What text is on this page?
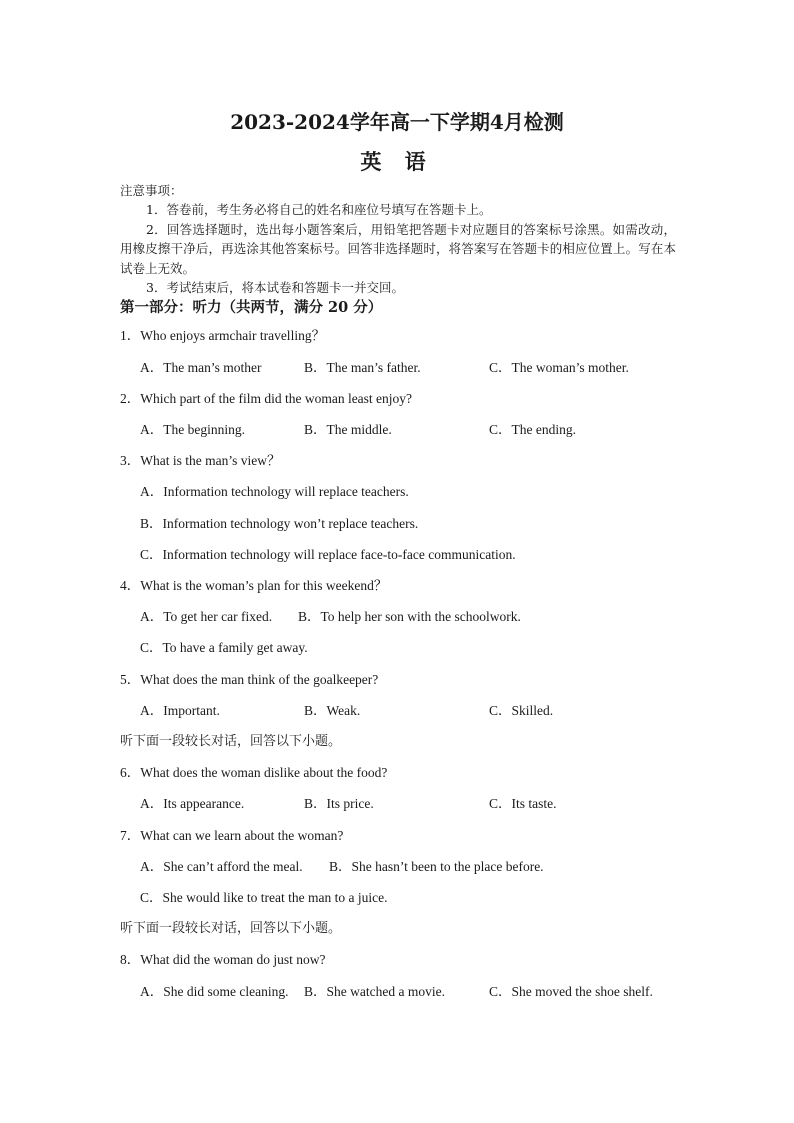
2023-2024学年高一下学期4月检测
英 语
注意事项：

1．答卷前，考生务必将自己的姓名和座位号填写在答题卡上。

2．回答选择题时，选出每小题答案后，用铅笔把答题卡对应题目的答案标号涂黑。如需改动，用橡皮擦干净后，再选涂其他答案标号。回答非选择题时，将答案写在答题卡的相应位置上。写在本试卷上无效。

3．考试结束后，将本试卷和答题卡一并交回。

第一部分：听力（共两节，满分 20 分）
1．Who enjoys armchair travelling？
A．The man’s mother	B．The man’s father.	C．The woman’s mother.
2．Which part of the film did the woman least enjoy?
A．The beginning.	B．The middle.	C．The ending.
3．What is the man’s view？
A．Information technology will replace teachers.
B．Information technology won’t replace teachers.
C．Information technology will replace face-to-face communication.
4．What is the woman’s plan for this weekend？
A．To get her car fixed. B．To help her son with the schoolwork.
C．To have a family get away.
5．What does the man think of the goalkeeper?
A．Important.	B．Weak.	C．Skilled.
听下面一段较长对话，回答以下小题。
6．What does the woman dislike about the food?
A．Its appearance.	B．Its price.	C．Its taste.
7．What can we learn about the woman?
A．She can’t afford the meal. B．She hasn’t been to the place before.
C．She would like to treat the man to a juice.
听下面一段较长对话，回答以下小题。
8．What did the woman do just now?
A．She did some cleaning. B．She watched a movie.	C．She moved the shoe shelf.
